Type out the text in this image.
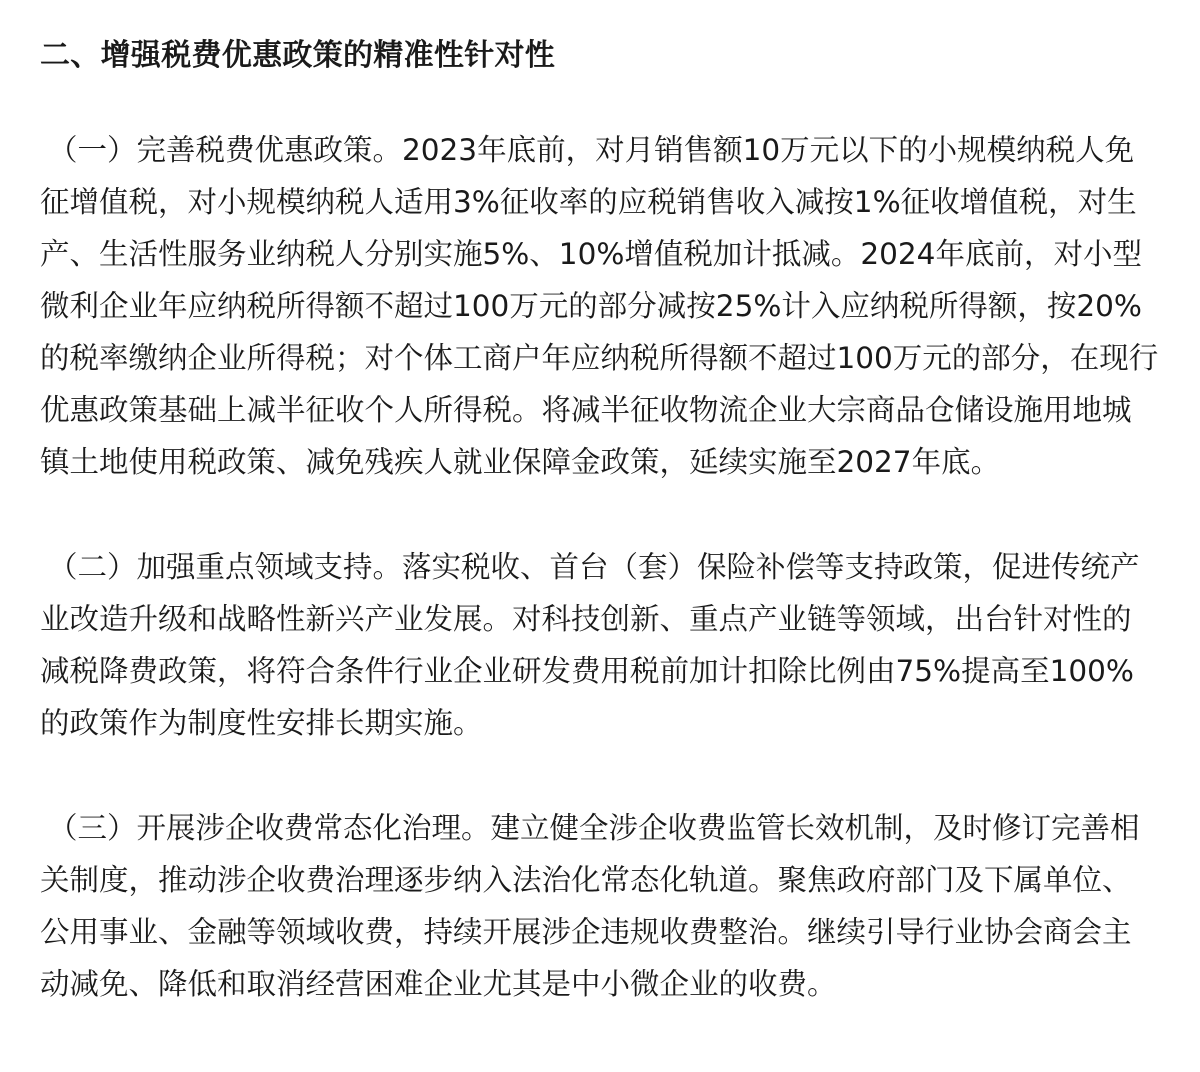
二、增强税费优惠政策的精准性针对性
（一）完善税费优惠政策。2023年底前，对月销售额10万元以下的小规模纳税人免征增值税，对小规模纳税人适用3%征收率的应税销售收入减按1%征收增值税，对生产、生活性服务业纳税人分别实施5%、10%增值税加计抵减。2024年底前，对小型微利企业年应纳税所得额不超过100万元的部分减按25%计入应纳税所得额，按20%的税率缴纳企业所得税；对个体工商户年应纳税所得额不超过100万元的部分，在现行优惠政策基础上减半征收个人所得税。将减半征收物流企业大宗商品仓储设施用地城镇土地使用税政策、减免残疾人就业保障金政策，延续实施至2027年底。
（二）加强重点领域支持。落实税收、首台（套）保险补偿等支持政策，促进传统产业改造升级和战略性新兴产业发展。对科技创新、重点产业链等领域，出台针对性的减税降费政策，将符合条件行业企业研发费用税前加计扣除比例由75%提高至100%的政策作为制度性安排长期实施。
（三）开展涉企收费常态化治理。建立健全涉企收费监管长效机制，及时修订完善相关制度，推动涉企收费治理逐步纳入法治化常态化轨道。聚焦政府部门及下属单位、公用事业、金融等领域收费，持续开展涉企违规收费整治。继续引导行业协会商会主动减免、降低和取消经营困难企业尤其是中小微企业的收费。
